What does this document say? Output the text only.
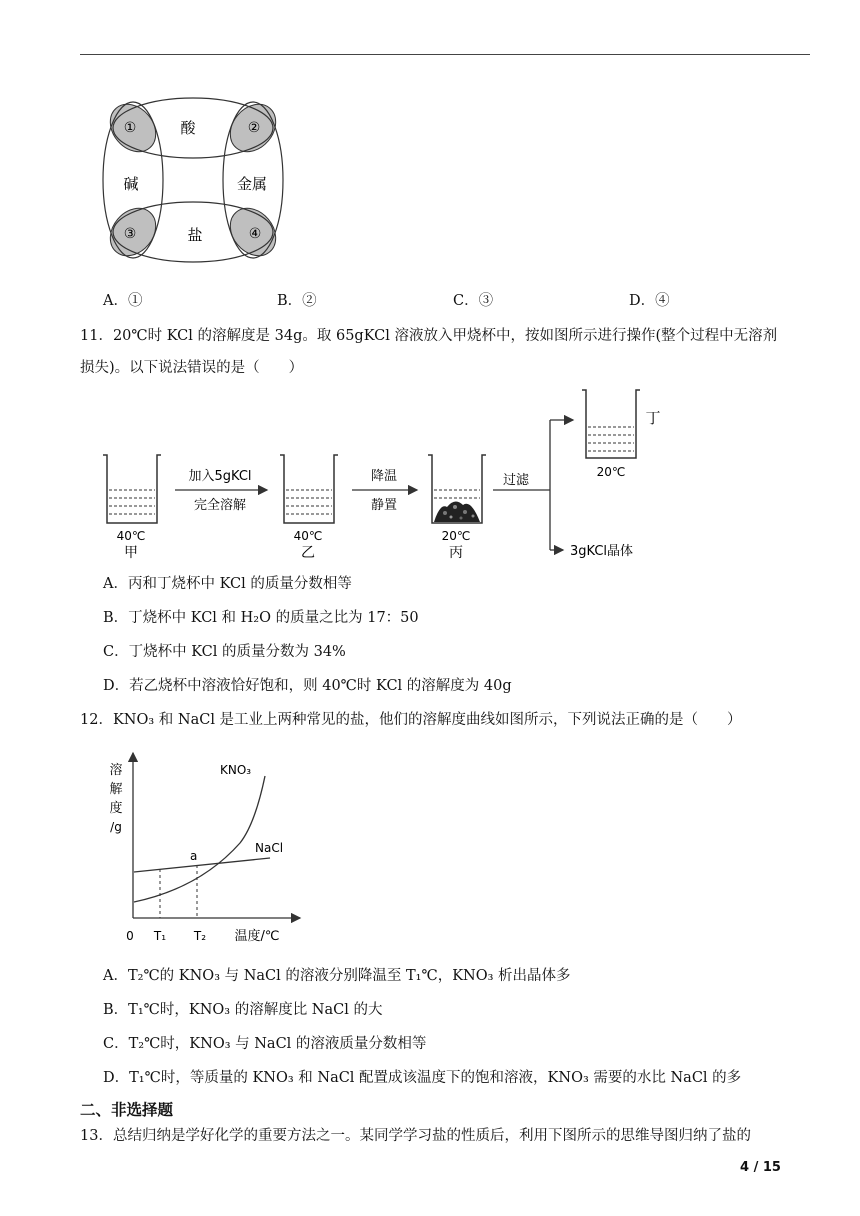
酸
碱	金属
盐
①	②
③	④
A．①	B．②	C．③	D．④
11．20℃时 KCl 的溶解度是 34g。取 65gKCl 溶液放入甲烧杯中，按如图所示进行操作(整个过程中无溶剂
损失)。以下说法错误的是（　　）
40℃
甲
加入5gKCl
完全溶解
40℃
乙
降温
静置
20℃
丙
过滤
20℃
丁
3gKCl晶体
A．丙和丁烧杯中 KCl 的质量分数相等
B．丁烧杯中 KCl 和 H₂O 的质量之比为 17：50
C．丁烧杯中 KCl 的质量分数为 34%
D．若乙烧杯中溶液恰好饱和，则 40℃时 KCl 的溶解度为 40g
12．KNO₃ 和 NaCl 是工业上两种常见的盐，他们的溶解度曲线如图所示，下列说法正确的是（　　）
溶
解
度
/g
KNO₃
NaCl
a
0 T₁ T₂ 温度/℃
A．T₂℃的 KNO₃ 与 NaCl 的溶液分别降温至 T₁℃，KNO₃ 析出晶体多
B．T₁℃时，KNO₃ 的溶解度比 NaCl 的大
C．T₂℃时，KNO₃ 与 NaCl 的溶液质量分数相等
D．T₁℃时，等质量的 KNO₃ 和 NaCl 配置成该温度下的饱和溶液，KNO₃ 需要的水比 NaCl 的多
二、非选择题
13．总结归纳是学好化学的重要方法之一。某同学学习盐的性质后，利用下图所示的思维导图归纳了盐的
4 / 15
